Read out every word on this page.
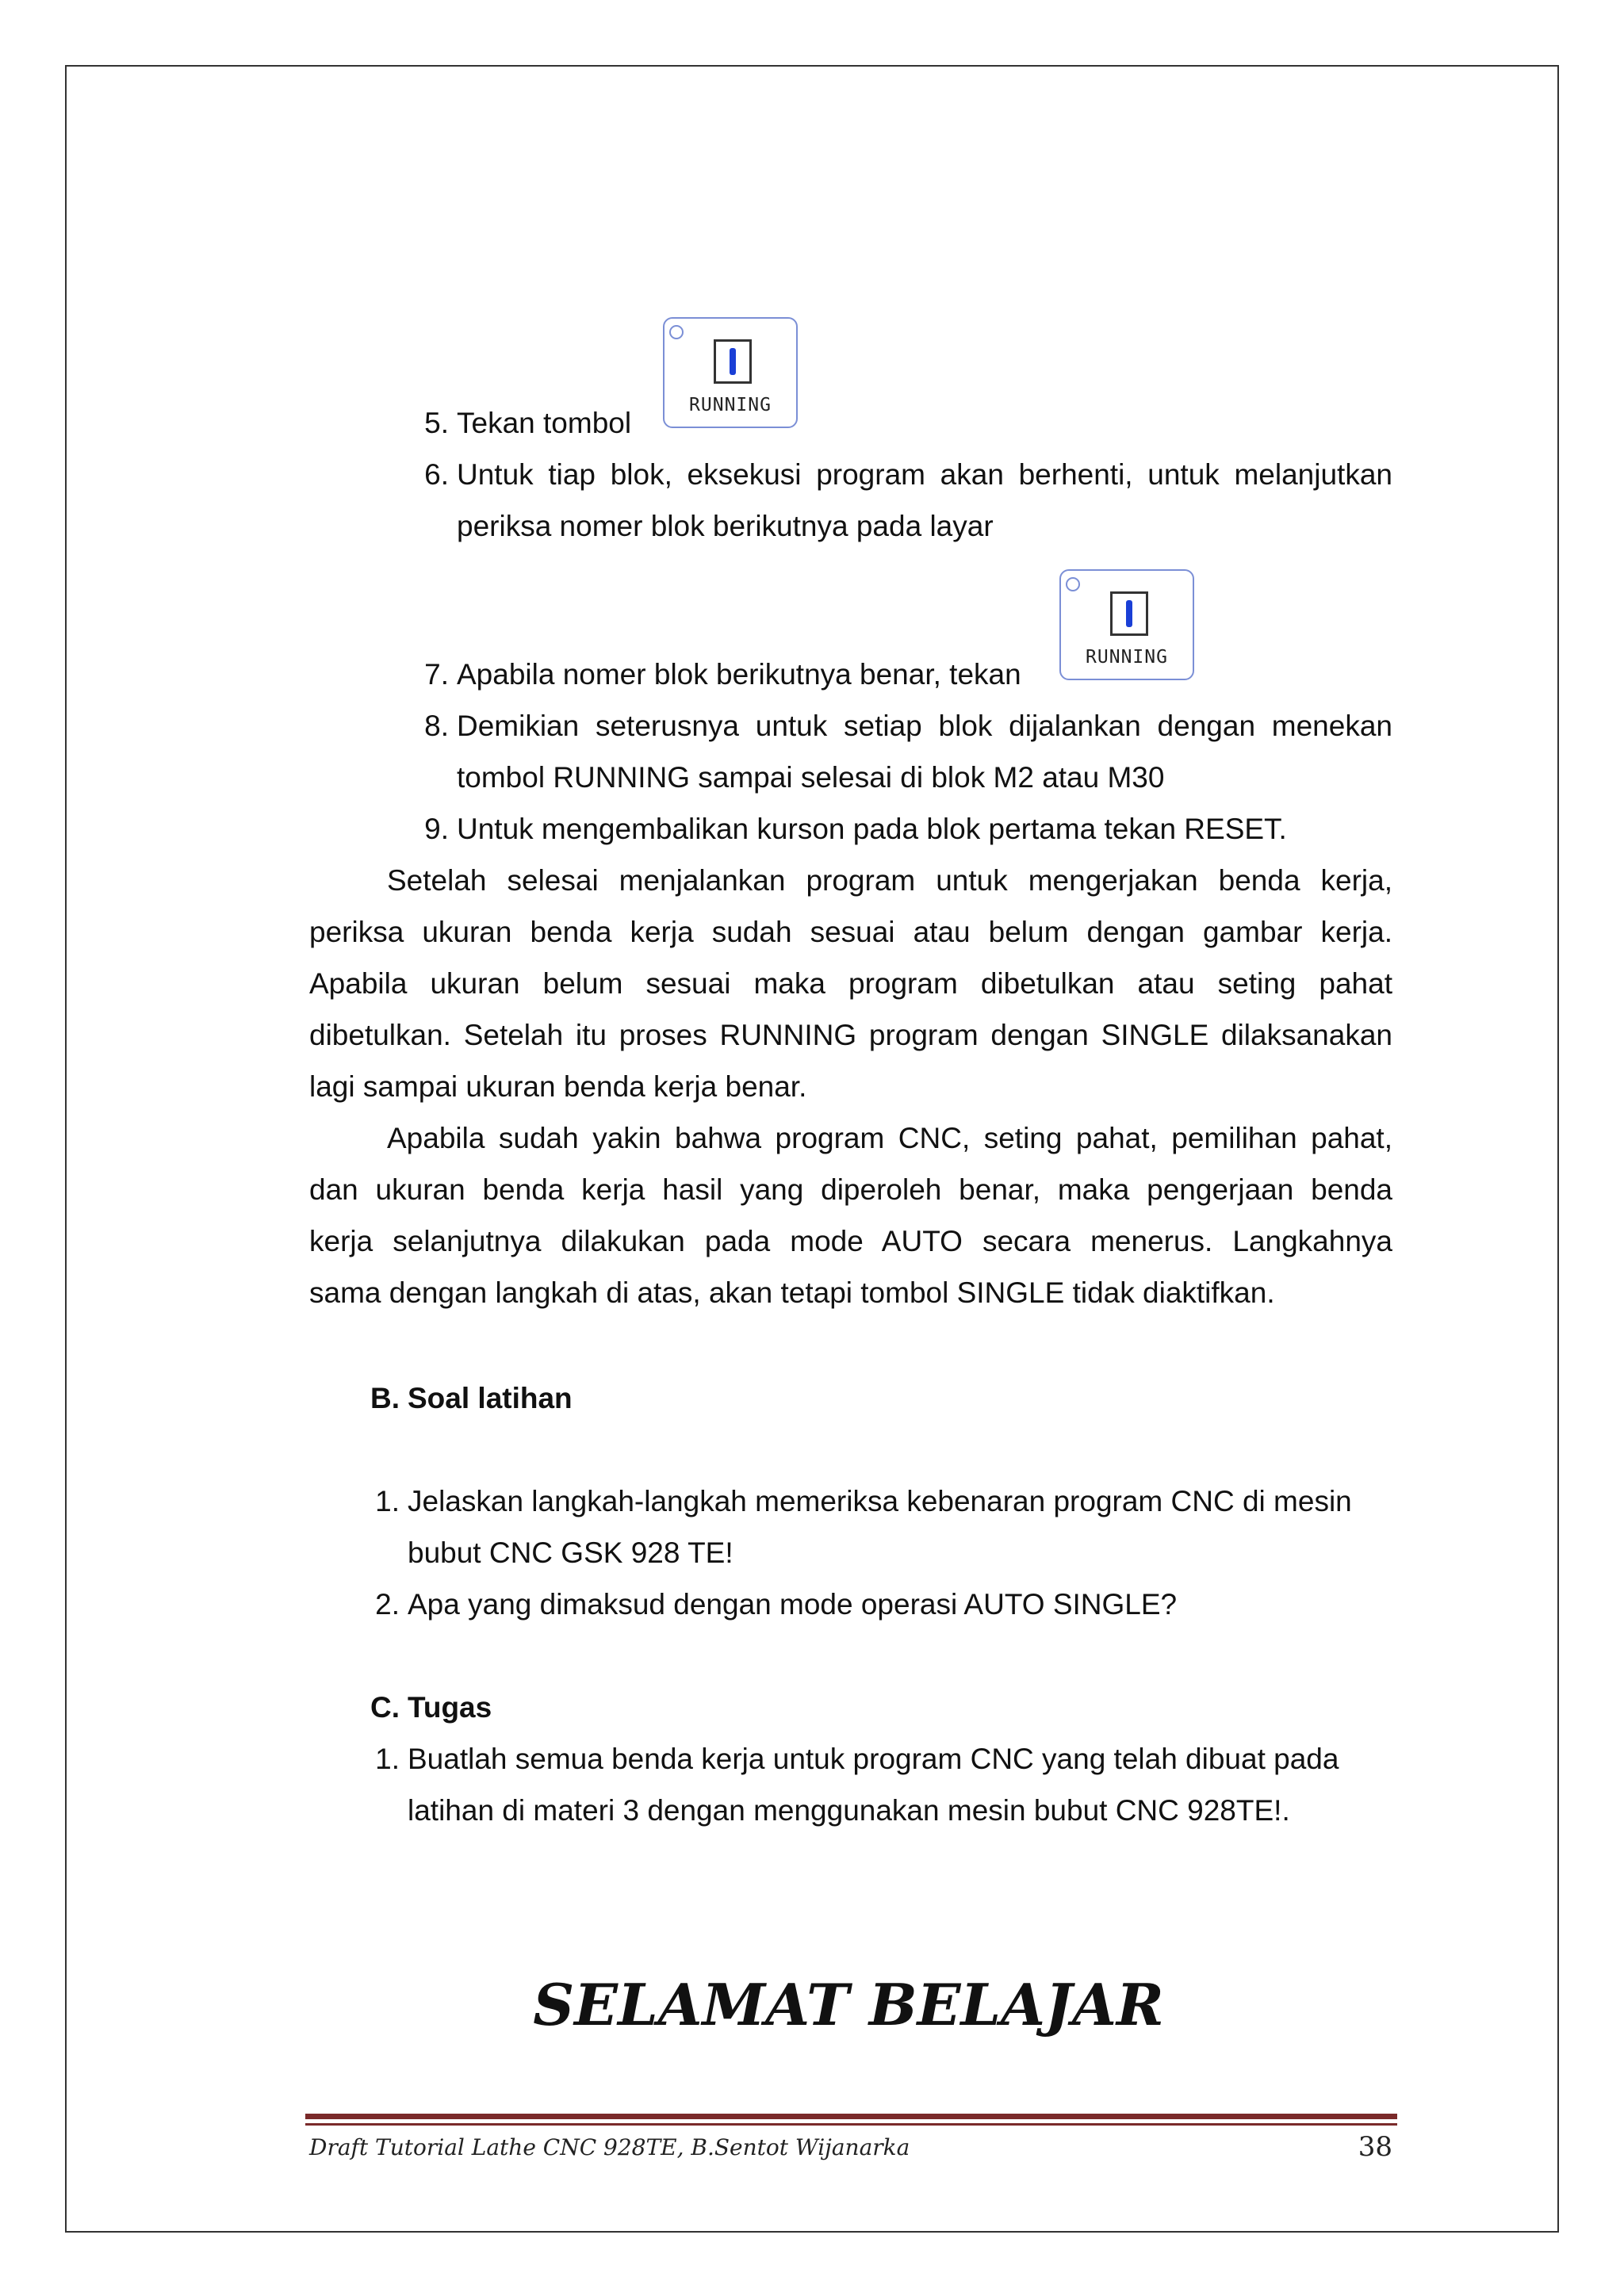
RUNNING
RUNNING
5. Tekan tombol
6. Untuk tiap blok, eksekusi program akan berhenti, untuk melanjutkan
periksa nomer blok berikutnya pada layar
7. Apabila nomer blok berikutnya benar, tekan
8. Demikian seterusnya untuk setiap blok dijalankan dengan menekan
tombol RUNNING sampai selesai di blok M2 atau M30
9. Untuk mengembalikan kurson pada blok pertama tekan RESET.
Setelah selesai menjalankan program untuk mengerjakan benda kerja,
periksa ukuran benda kerja sudah sesuai atau belum dengan gambar kerja.
Apabila ukuran belum sesuai maka program dibetulkan atau seting pahat
dibetulkan. Setelah itu proses RUNNING program dengan SINGLE dilaksanakan
lagi sampai ukuran benda kerja benar.
Apabila sudah yakin bahwa program CNC, seting pahat, pemilihan pahat,
dan ukuran benda kerja hasil yang diperoleh benar, maka pengerjaan benda
kerja selanjutnya dilakukan pada mode AUTO secara menerus. Langkahnya
sama dengan langkah di atas, akan tetapi tombol SINGLE tidak diaktifkan.
B. Soal latihan
1. Jelaskan langkah-langkah memeriksa kebenaran program CNC di mesin
bubut CNC GSK 928 TE!
2. Apa yang dimaksud dengan mode operasi AUTO SINGLE?
C. Tugas
1. Buatlah semua benda kerja untuk program CNC yang telah dibuat pada
latihan di materi 3 dengan menggunakan mesin bubut CNC 928TE!.
SELAMAT BELAJAR
Draft Tutorial Lathe CNC 928TE, B.Sentot Wijanarka	38
